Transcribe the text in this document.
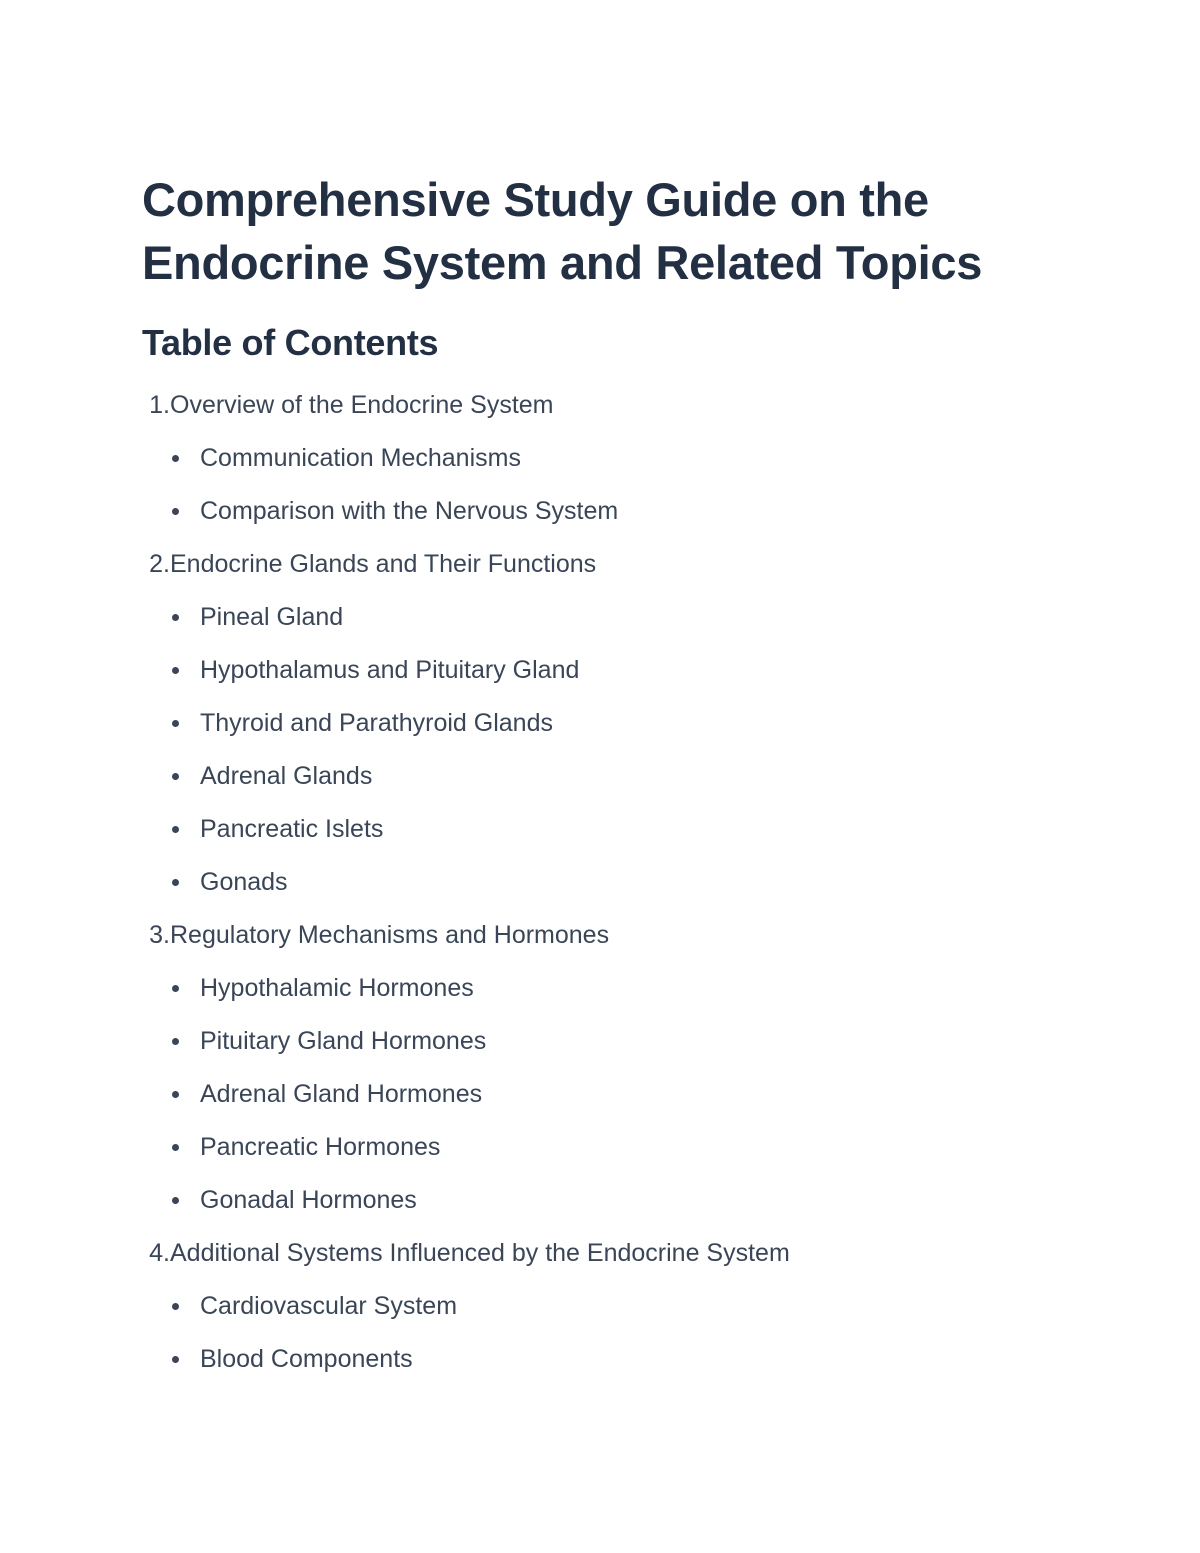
Comprehensive Study Guide on the
Endocrine System and Related Topics
Table of Contents
1. Overview of the Endocrine System
Communication Mechanisms
Comparison with the Nervous System
2. Endocrine Glands and Their Functions
Pineal Gland
Hypothalamus and Pituitary Gland
Thyroid and Parathyroid Glands
Adrenal Glands
Pancreatic Islets
Gonads
3. Regulatory Mechanisms and Hormones
Hypothalamic Hormones
Pituitary Gland Hormones
Adrenal Gland Hormones
Pancreatic Hormones
Gonadal Hormones
4. Additional Systems Influenced by the Endocrine System
Cardiovascular System
Blood Components
